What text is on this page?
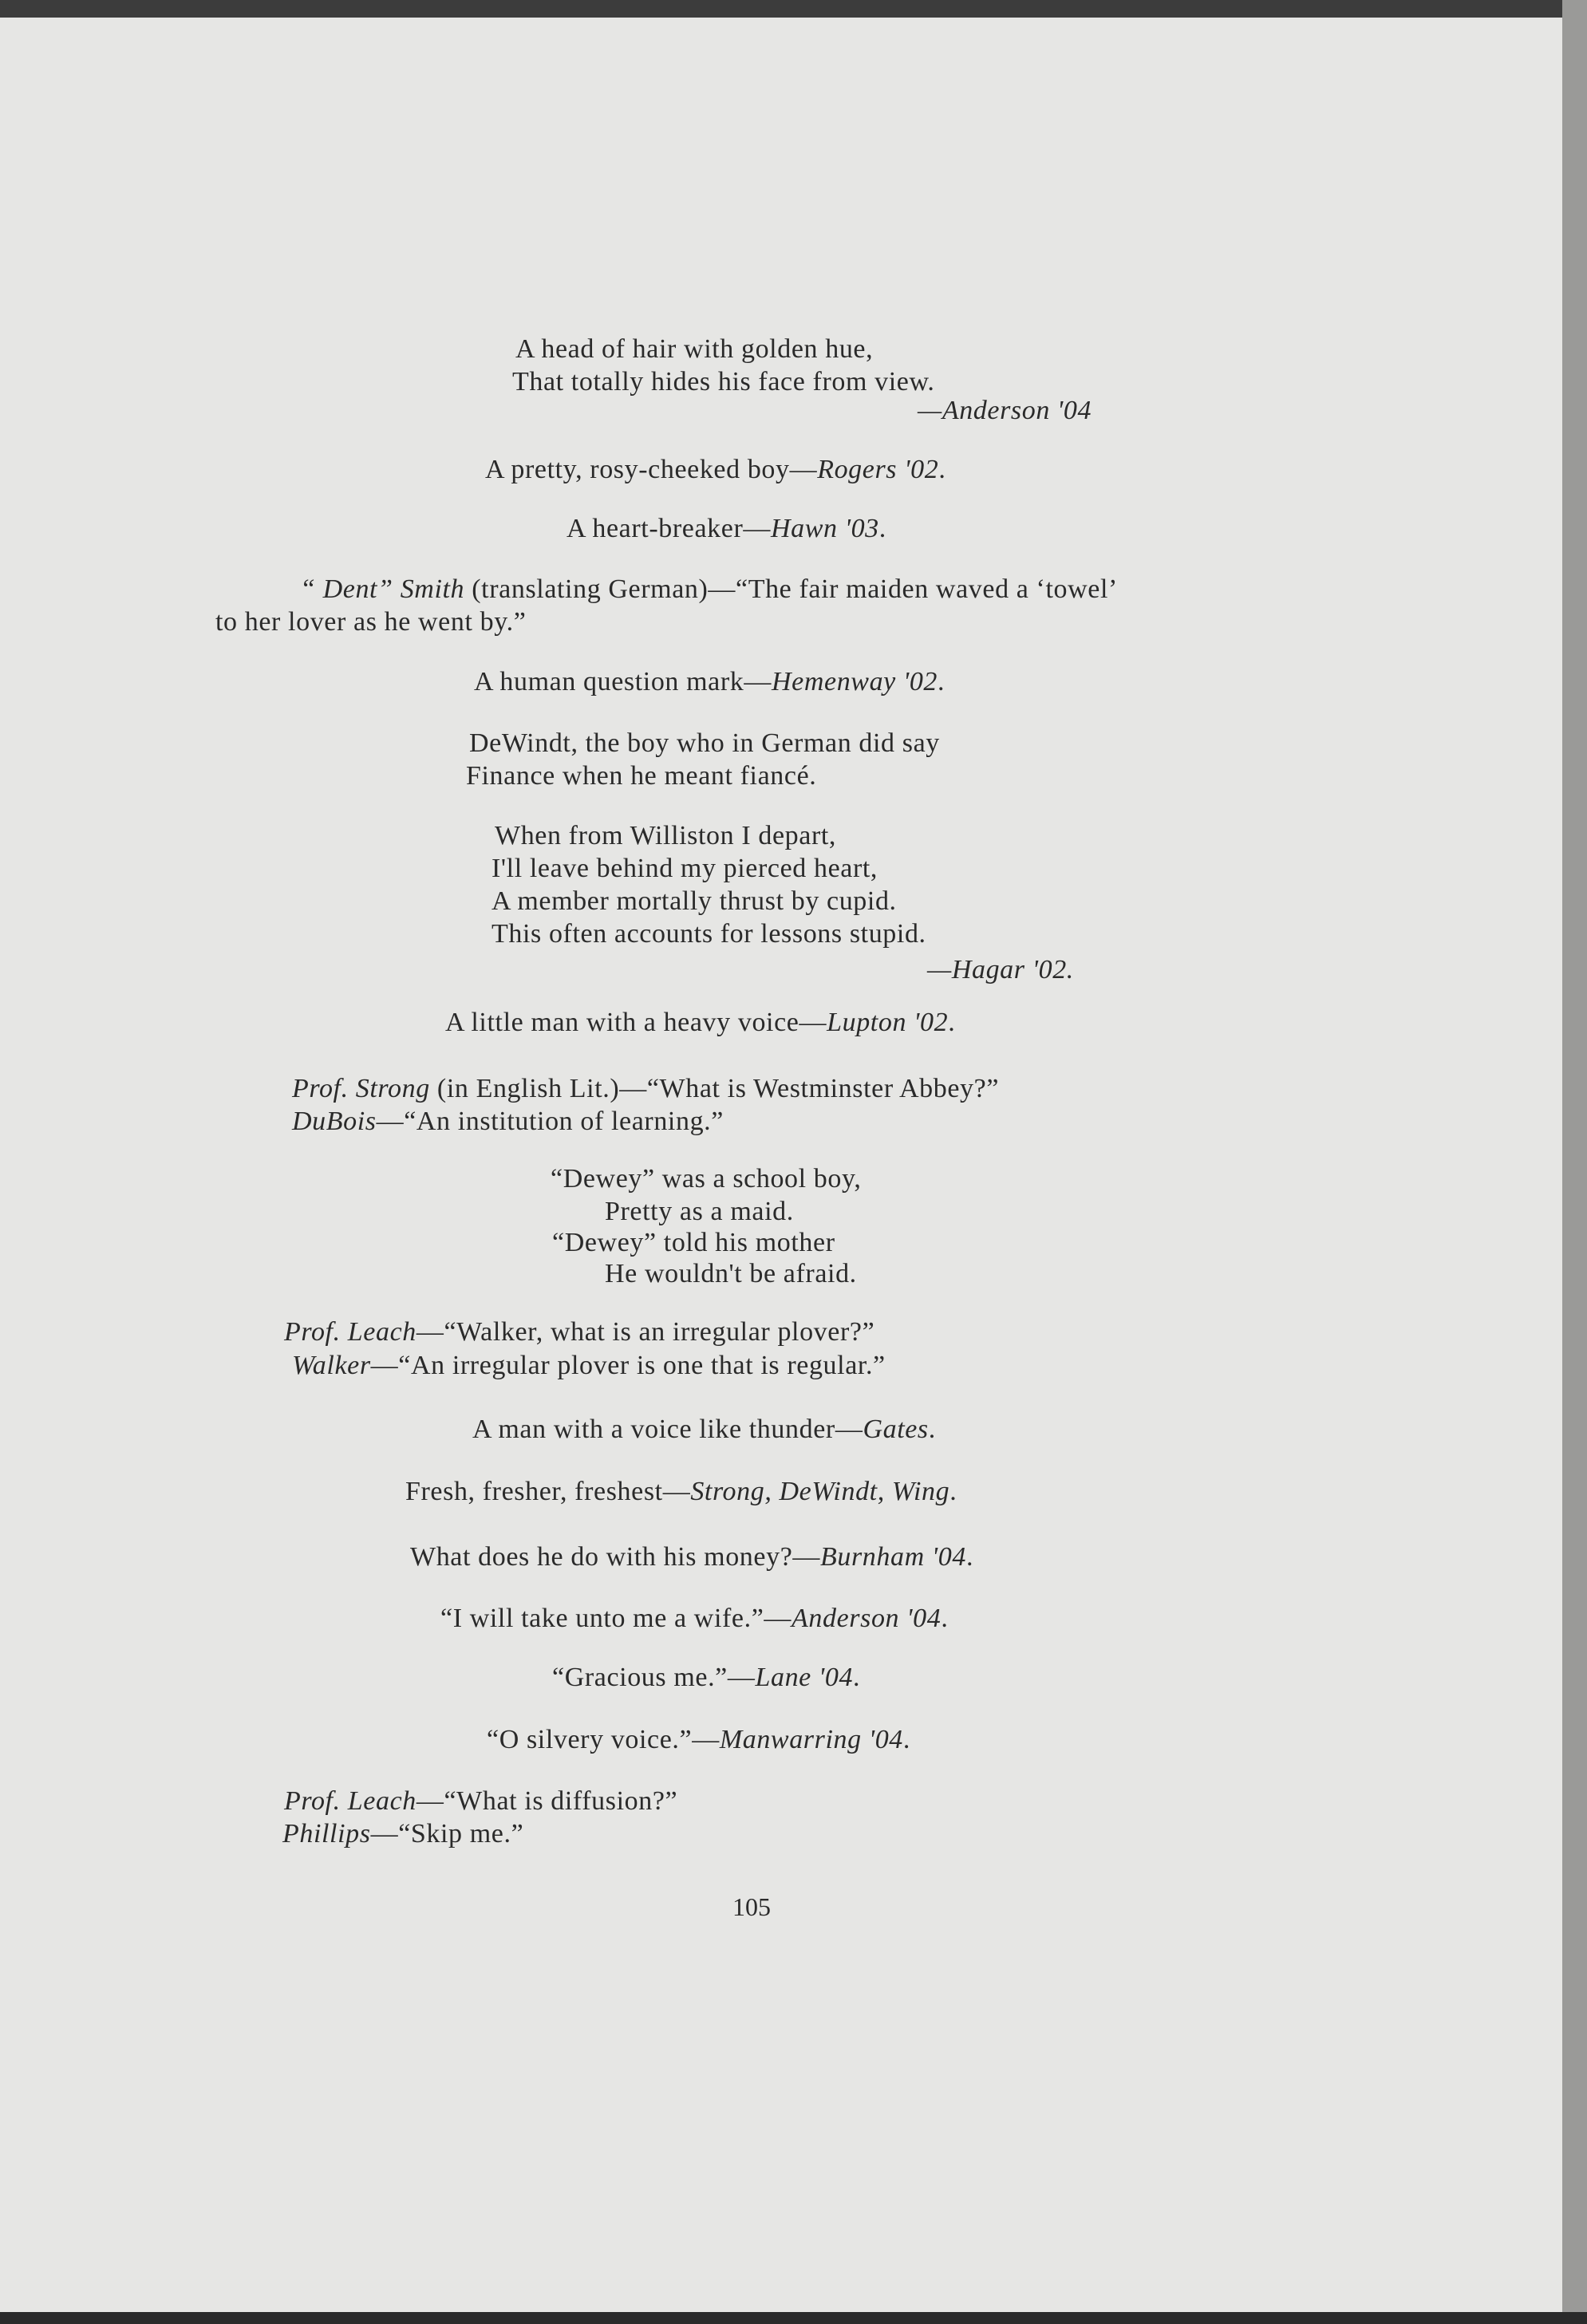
A head of hair with golden hue,
That totally hides his face from view.
—Anderson '04
A pretty, rosy-cheeked boy—Rogers '02.
A heart-breaker—Hawn '03.
“ Dent” Smith (translating German)—“The fair maiden waved a ‘towel’
to her lover as he went by.”
A human question mark—Hemenway '02.
DeWindt, the boy who in German did say
Finance when he meant fiancé.
When from Williston I depart,
I'll leave behind my pierced heart,
A member mortally thrust by cupid.
This often accounts for lessons stupid.
—Hagar '02.
A little man with a heavy voice—Lupton '02.
Prof. Strong (in English Lit.)—“What is Westminster Abbey?”
DuBois—“An institution of learning.”
“Dewey” was a school boy,
Pretty as a maid.
“Dewey” told his mother
He wouldn't be afraid.
Prof. Leach—“Walker, what is an irregular plover?”
Walker—“An irregular plover is one that is regular.”
A man with a voice like thunder—Gates.
Fresh, fresher, freshest—Strong, DeWindt, Wing.
What does he do with his money?—Burnham '04.
“I will take unto me a wife.”—Anderson '04.
“Gracious me.”—Lane '04.
“O silvery voice.”—Manwarring '04.
Prof. Leach—“What is diffusion?”
Phillips—“Skip me.”
105
